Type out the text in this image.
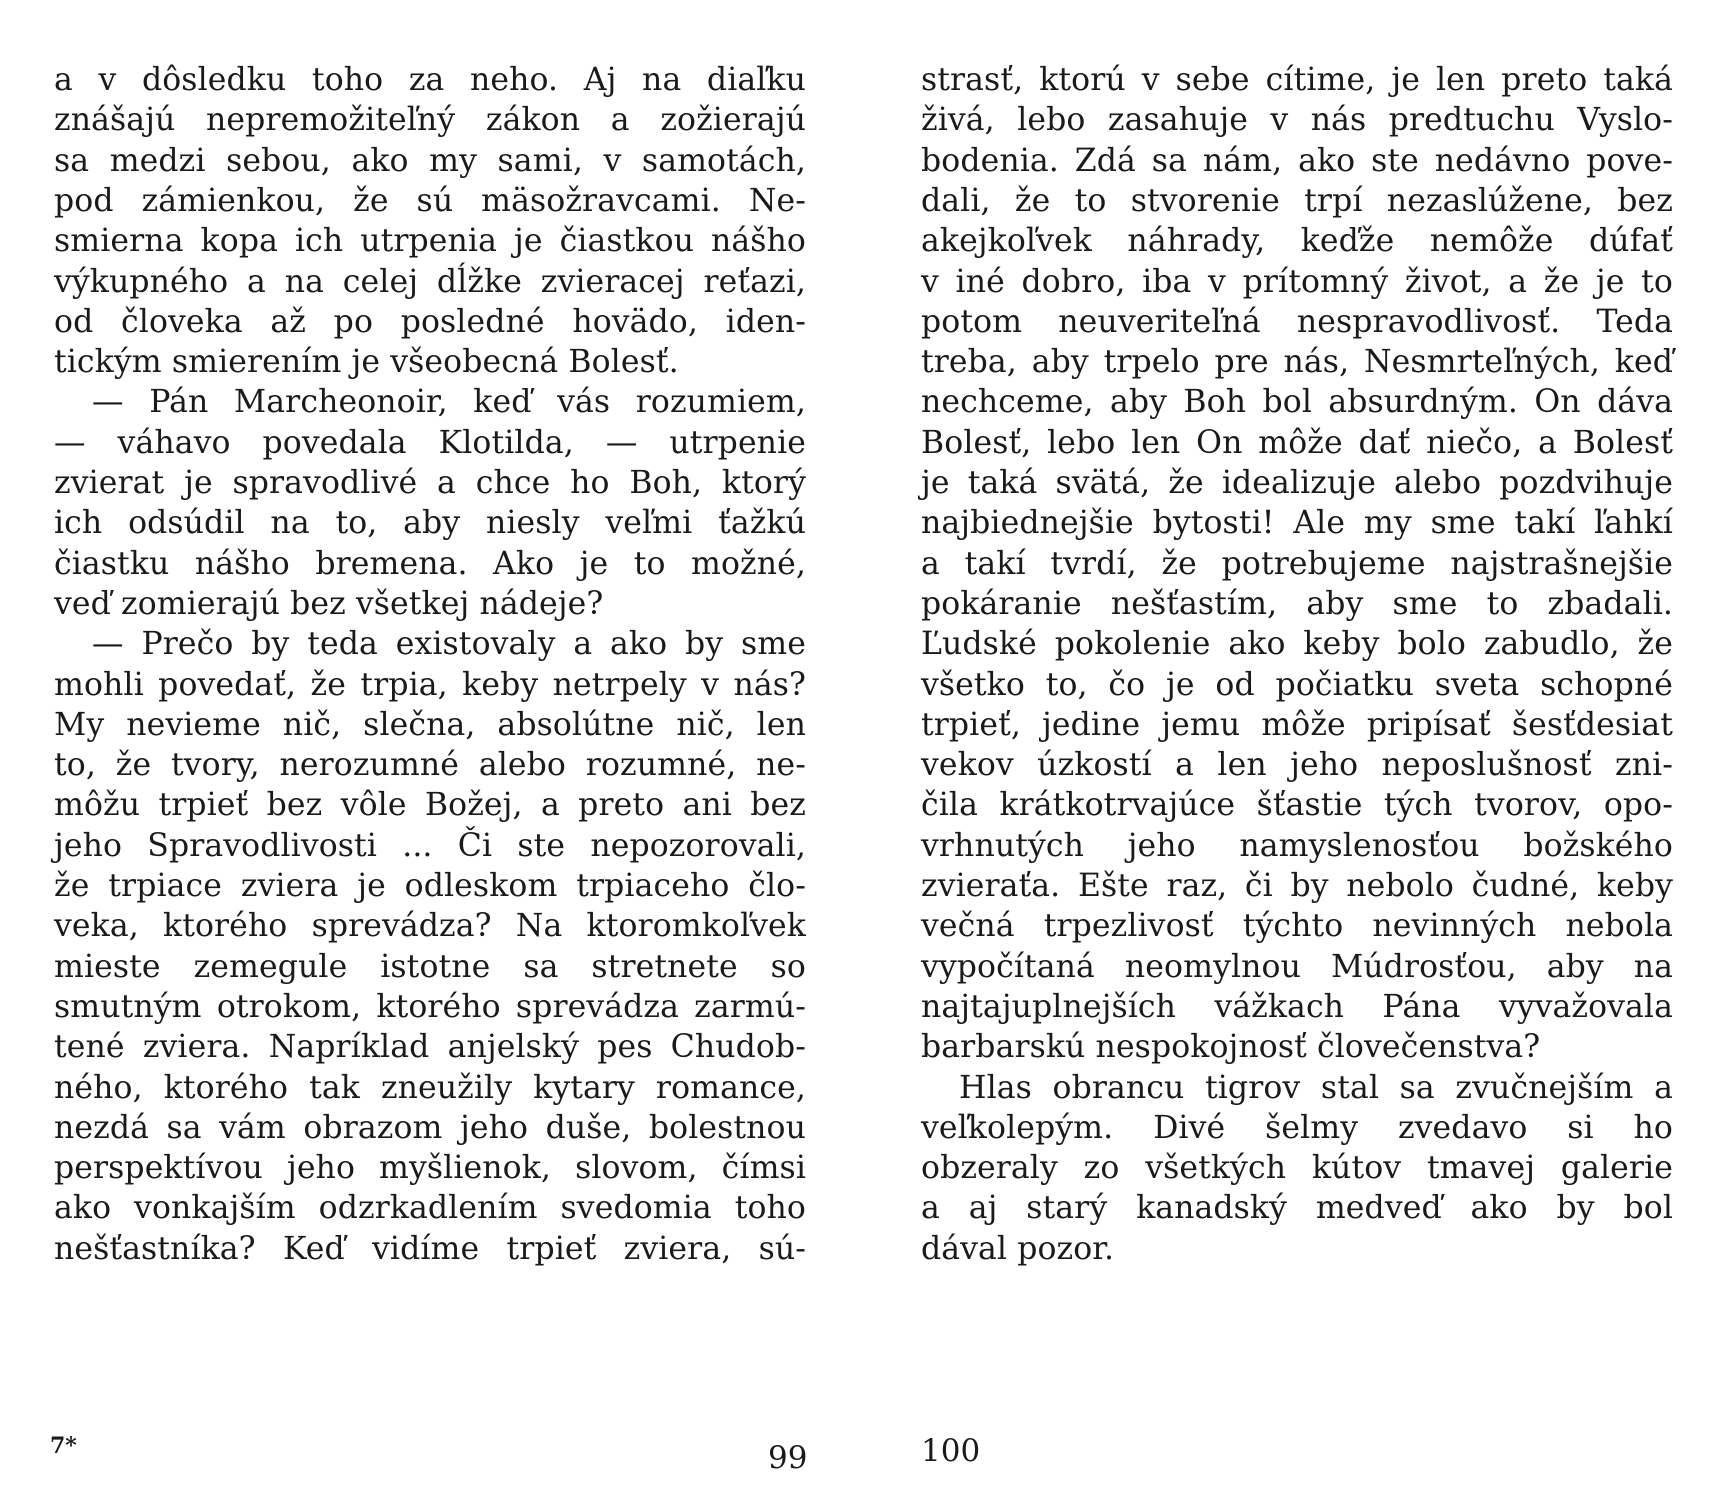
a v dôsledku toho za neho. Aj na diaľku
znášajú nepremožiteľný zákon a zožierajú
sa medzi sebou, ako my sami, v samotách,
pod zámienkou, že sú mäsožravcami. Ne-
smierna kopa ich utrpenia je čiastkou nášho
výkupného a na celej dĺžke zvieracej reťazi,
od človeka až po posledné hovädo, iden-
tickým smierením je všeobecná Bolesť.
— Pán Marcheonoir, keď vás rozumiem,
— váhavo povedala Klotilda, — utrpenie
zvierat je spravodlivé a chce ho Boh, ktorý
ich odsúdil na to, aby niesly veľmi ťažkú
čiastku nášho bremena. Ako je to možné,
veď zomierajú bez všetkej nádeje?
— Prečo by teda existovaly a ako by sme
mohli povedať, že trpia, keby netrpely v nás?
My nevieme nič, slečna, absolútne nič, len
to, že tvory, nerozumné alebo rozumné, ne-
môžu trpieť bez vôle Božej, a preto ani bez
jeho Spravodlivosti ... Či ste nepozorovali,
že trpiace zviera je odleskom trpiaceho člo-
veka, ktorého sprevádza? Na ktoromkoľvek
mieste zemegule istotne sa stretnete so
smutným otrokom, ktorého sprevádza zarmú-
tené zviera. Napríklad anjelský pes Chudob-
ného, ktorého tak zneužily kytary romance,
nezdá sa vám obrazom jeho duše, bolestnou
perspektívou jeho myšlienok, slovom, čímsi
ako vonkajším odzrkadlením svedomia toho
nešťastníka? Keď vidíme trpieť zviera, sú-
strasť, ktorú v sebe cítime, je len preto taká
živá, lebo zasahuje v nás predtuchu Vyslo-
bodenia. Zdá sa nám, ako ste nedávno pove-
dali, že to stvorenie trpí nezaslúžene, bez
akejkoľvek náhrady, keďže nemôže dúfať
v iné dobro, iba v prítomný život, a že je to
potom neuveriteľná nespravodlivosť. Teda
treba, aby trpelo pre nás, Nesmrteľných, keď
nechceme, aby Boh bol absurdným. On dáva
Bolesť, lebo len On môže dať niečo, a Bolesť
je taká svätá, že idealizuje alebo pozdvihuje
najbiednejšie bytosti! Ale my sme takí ľahkí
a takí tvrdí, že potrebujeme najstrašnejšie
pokáranie nešťastím, aby sme to zbadali.
Ľudské pokolenie ako keby bolo zabudlo, že
všetko to, čo je od počiatku sveta schopné
trpieť, jedine jemu môže pripísať šesťdesiat
vekov úzkostí a len jeho neposlušnosť zni-
čila krátkotrvajúce šťastie tých tvorov, opo-
vrhnutých jeho namyslenosťou božského
zvieraťa. Ešte raz, či by nebolo čudné, keby
večná trpezlivosť týchto nevinných nebola
vypočítaná neomylnou Múdrosťou, aby na
najtajuplnejších vážkach Pána vyvažovala
barbarskú nespokojnosť človečenstva?
Hlas obrancu tigrov stal sa zvučnejším a
veľkolepým. Divé šelmy zvedavo si ho
obzeraly zo všetkých kútov tmavej galerie
a aj starý kanadský medveď ako by bol
dával pozor.
7*	99	100
